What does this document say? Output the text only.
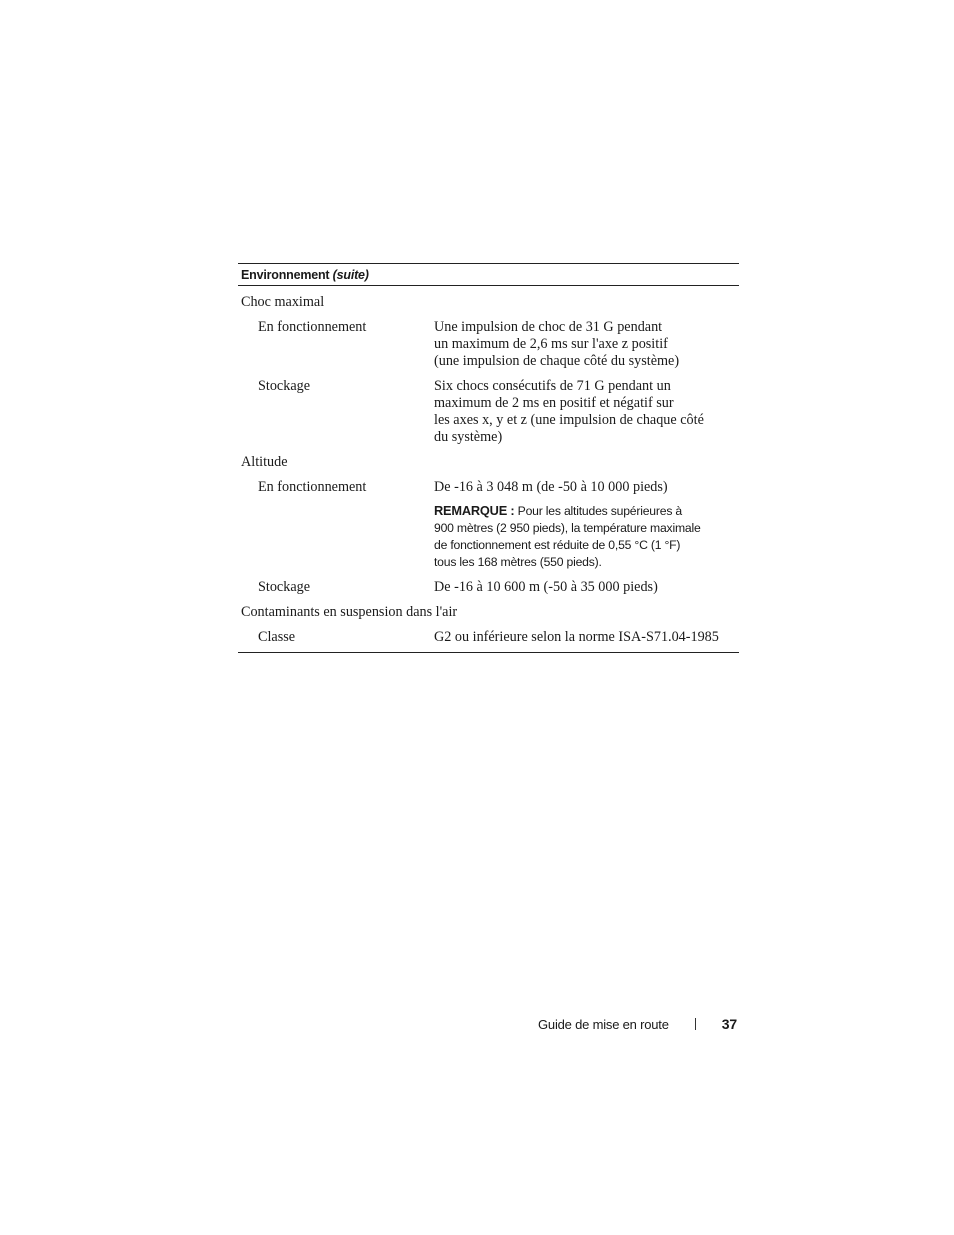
Environnement (suite)
Choc maximal
En fonctionnement	Une impulsion de choc de 31 G pendant
un maximum de 2,6 ms sur l'axe z positif
(une impulsion de chaque côté du système)
Stockage	Six chocs consécutifs de 71 G pendant un
maximum de 2 ms en positif et négatif sur
les axes x, y et z (une impulsion de chaque côté
du système)
Altitude
En fonctionnement	De -16 à 3 048 m (de -50 à 10 000 pieds)
REMARQUE : Pour les altitudes supérieures à
900 mètres (2 950 pieds), la température maximale
de fonctionnement est réduite de 0,55 °C (1 °F)
tous les 168 mètres (550 pieds).
Stockage	De -16 à 10 600 m (-50 à 35 000 pieds)
Contaminants en suspension dans l'air
Classe	G2 ou inférieure selon la norme ISA-S71.04-1985
Guide de mise en route	37
